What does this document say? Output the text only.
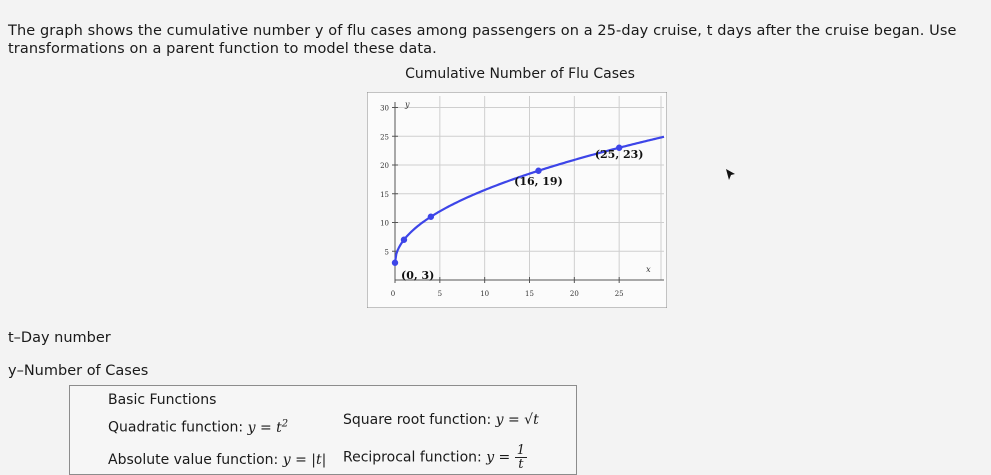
The graph shows the cumulative number y of flu cases among passengers on a 25-day cruise, t days after the cruise began. Use transformations on a parent function to model these data.
Cumulative Number of Flu Cases
0	5	10	15	20	25
5
10
15
20
25
30 y
x
(0, 3)
(16, 19)
(25, 23)
t–Day number
y–Number of Cases
Basic Functions
Quadratic function: $y = t^2$	Square root function: y = √t
Absolute value function: y = |t| Reciprocal function: $y = \frac{1}{t}$
